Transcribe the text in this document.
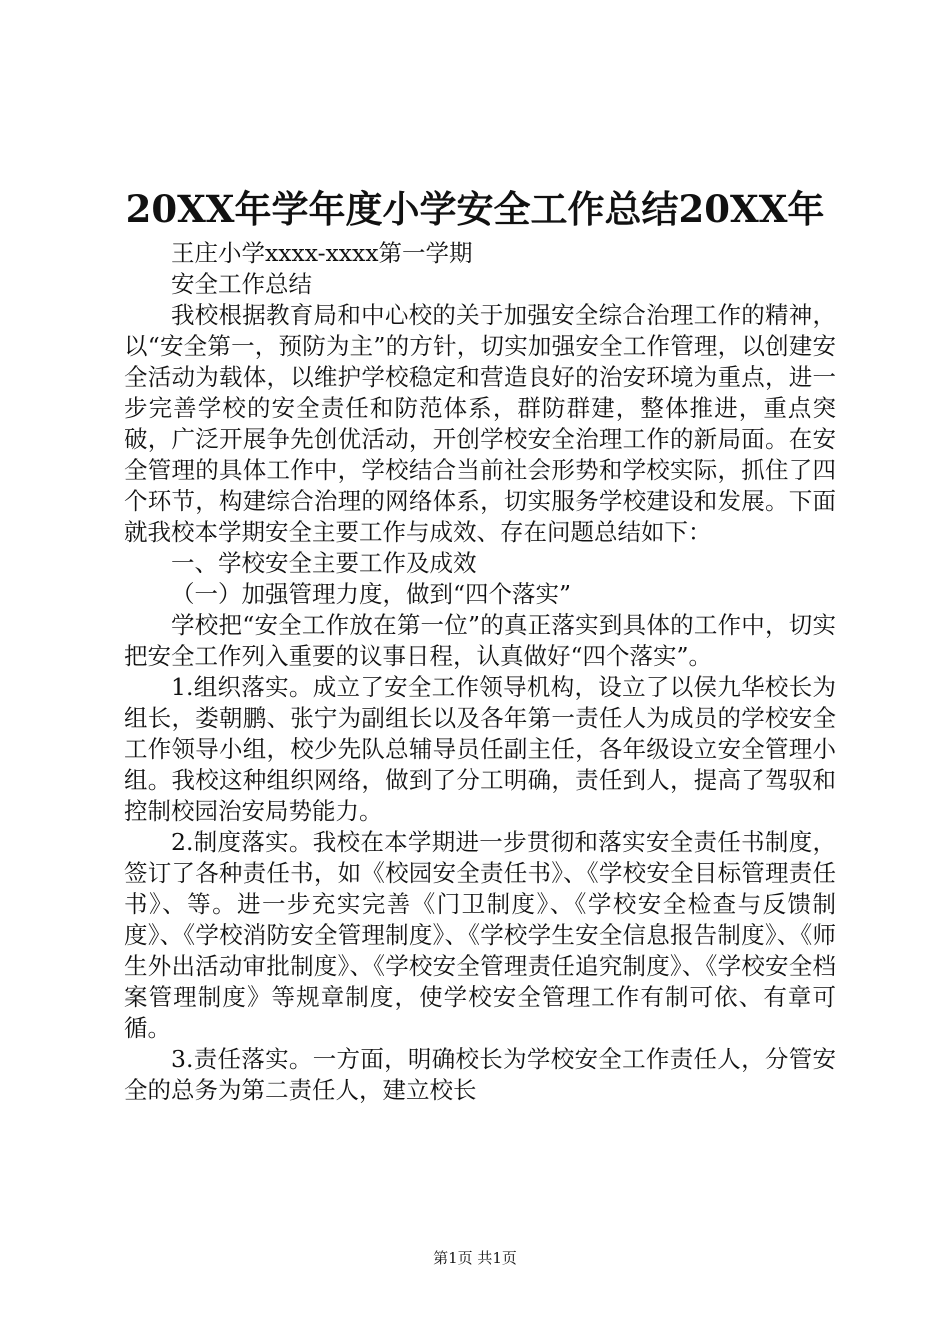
20XX年学年度小学安全工作总结20XX年

王庄小学xxxx-xxxx第一学期

安全工作总结

我校根据教育局和中心校的关于加强安全综合治理工作的精神，以“安全第一，预防为主”的方针，切实加强安全工作管理，以创建安全活动为载体，以维护学校稳定和营造良好的治安环境为重点，进一步完善学校的安全责任和防范体系，群防群建，整体推进，重点突破，广泛开展争先创优活动，开创学校安全治理工作的新局面。在安全管理的具体工作中，学校结合当前社会形势和学校实际，抓住了四个环节，构建综合治理的网络体系，切实服务学校建设和发展。下面就我校本学期安全主要工作与成效、存在问题总结如下：

一、学校安全主要工作及成效

（一）加强管理力度，做到“四个落实”

学校把“安全工作放在第一位”的真正落实到具体的工作中，切实把安全工作列入重要的议事日程，认真做好“四个落实”。

1.组织落实。成立了安全工作领导机构，设立了以侯九华校长为组长，娄朝鹏、张宁为副组长以及各年第一责任人为成员的学校安全工作领导小组，校少先队总辅导员任副主任，各年级设立安全管理小组。我校这种组织网络，做到了分工明确，责任到人，提高了驾驭和控制校园治安局势能力。

2.制度落实。我校在本学期进一步贯彻和落实安全责任书制度，签订了各种责任书，如《校园安全责任书》、《学校安全目标管理责任书》、等。进一步充实完善《门卫制度》、《学校安全检查与反馈制度》、《学校消防安全管理制度》、《学校学生安全信息报告制度》、《师生外出活动审批制度》、《学校安全管理责任追究制度》、《学校安全档案管理制度》等规章制度，使学校安全管理工作有制可依、有章可循。

3.责任落实。一方面，明确校长为学校安全工作责任人，分管安全的总务为第二责任人，建立校长

第1页 共1页
